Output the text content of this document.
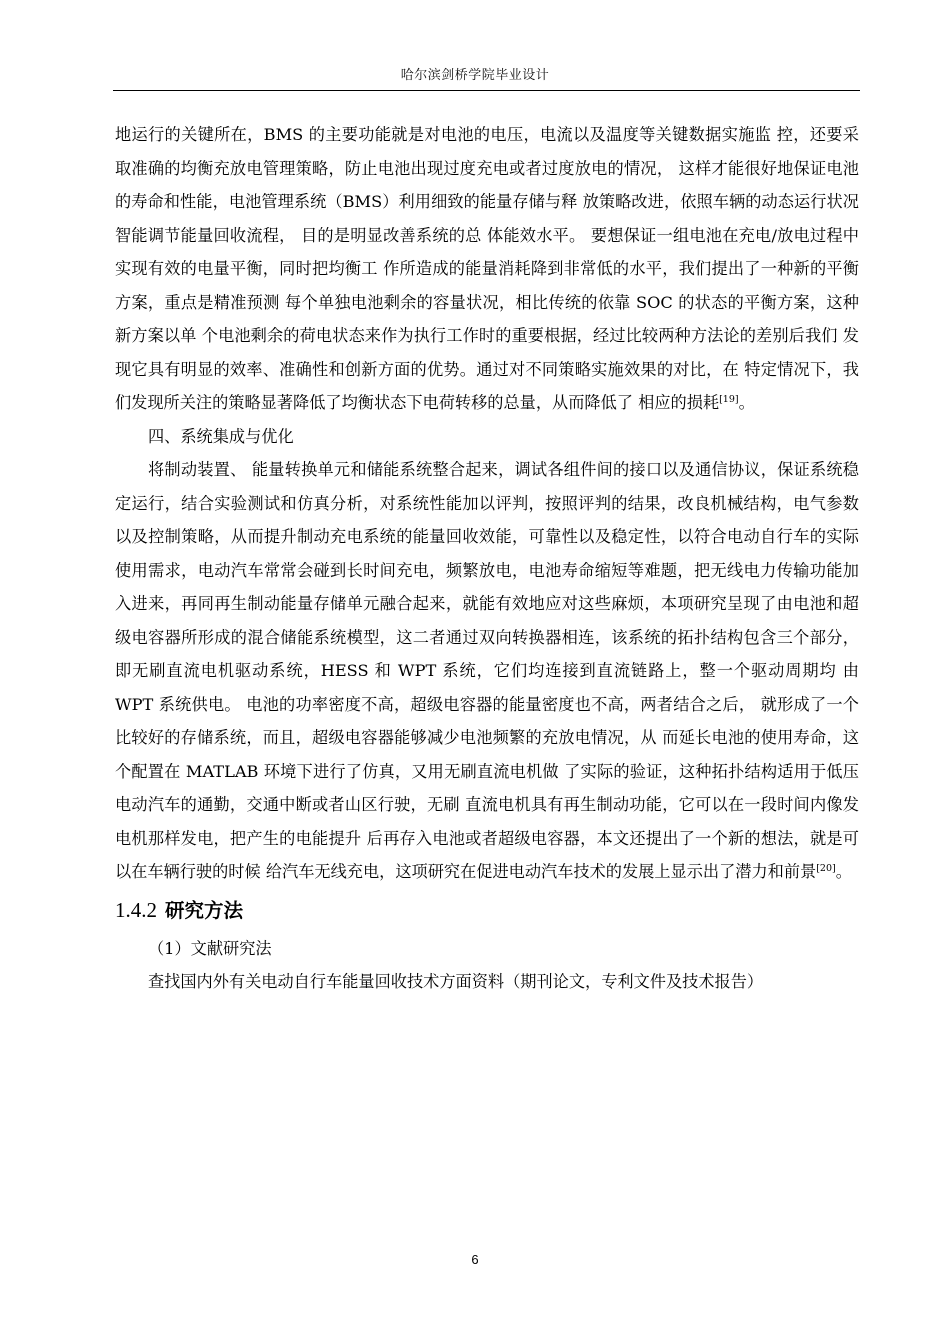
哈尔滨剑桥学院毕业设计

地运行的关键所在，BMS 的主要功能就是对电池的电压，电流以及温度等关键数据实施监 控，还要采取准确的均衡充放电管理策略，防止电池出现过度充电或者过度放电的情况， 这样才能很好地保证电池的寿命和性能，电池管理系统（BMS）利用细致的能量存储与释 放策略改进，依照车辆的动态运行状况智能调节能量回收流程， 目的是明显改善系统的总 体能效水平。 要想保证一组电池在充电/放电过程中实现有效的电量平衡，同时把均衡工 作所造成的能量消耗降到非常低的水平，我们提出了一种新的平衡方案，重点是精准预测 每个单独电池剩余的容量状况，相比传统的依靠 SOC 的状态的平衡方案，这种新方案以单 个电池剩余的荷电状态来作为执行工作时的重要根据，经过比较两种方法论的差别后我们 发现它具有明显的效率、准确性和创新方面的优势。通过对不同策略实施效果的对比，在 特定情况下，我们发现所关注的策略显著降低了均衡状态下电荷转移的总量，从而降低了 相应的损耗[19]。

四、系统集成与优化

将制动装置、 能量转换单元和储能系统整合起来，调试各组件间的接口以及通信协议，保证系统稳定运行，结合实验测试和仿真分析，对系统性能加以评判，按照评判的结果，改良机械结构，电气参数以及控制策略，从而提升制动充电系统的能量回收效能，可靠性以及稳定性，以符合电动自行车的实际使用需求，电动汽车常常会碰到长时间充电，频繁放电，电池寿命缩短等难题，把无线电力传输功能加入进来，再同再生制动能量存储单元融合起来，就能有效地应对这些麻烦，本项研究呈现了由电池和超级电容器所形成的混合储能系统模型，这二者通过双向转换器相连，该系统的拓扑结构包含三个部分，即无刷直流电机驱动系统，HESS 和 WPT 系统，它们均连接到直流链路上，整一个驱动周期均 由 WPT 系统供电。 电池的功率密度不高，超级电容器的能量密度也不高，两者结合之后， 就形成了一个比较好的存储系统，而且，超级电容器能够减少电池频繁的充放电情况，从 而延长电池的使用寿命，这个配置在 MATLAB 环境下进行了仿真，又用无刷直流电机做 了实际的验证，这种拓扑结构适用于低压电动汽车的通勤，交通中断或者山区行驶，无刷 直流电机具有再生制动功能，它可以在一段时间内像发电机那样发电，把产生的电能提升 后再存入电池或者超级电容器，本文还提出了一个新的想法，就是可以在车辆行驶的时候 给汽车无线充电，这项研究在促进电动汽车技术的发展上显示出了潜力和前景[20]。

1.4.2 研究方法

（1）文献研究法

查找国内外有关电动自行车能量回收技术方面资料（期刊论文，专利文件及技术报告）

6
